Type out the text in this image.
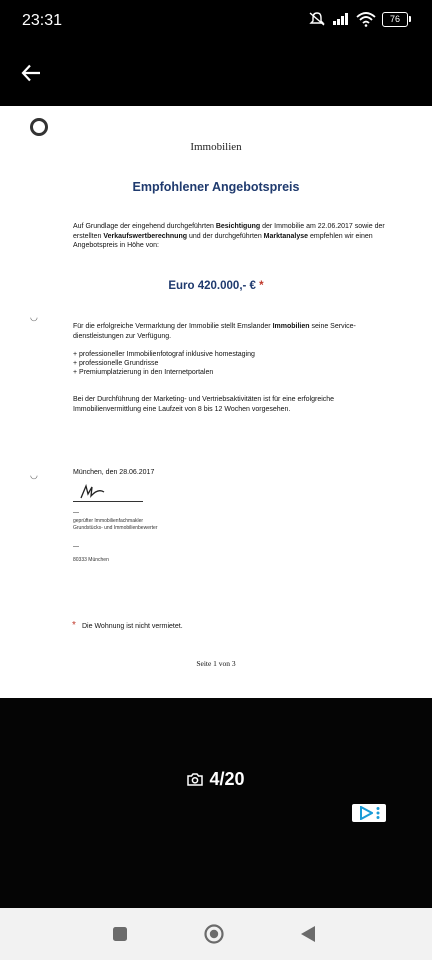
23:31	76
Immobilien
Empfohlener Angebotspreis
Auf Grundlage der eingehend durchgeführten Besichtigung der Immobilie am 22.06.2017 sowie der erstellten Verkaufswertberechnung und der durchgeführten Marktanalyse empfehlen wir einen Angebotspreis in Höhe von:
Euro 420.000,- € *
◡
Für die erfolgreiche Vermarktung der Immobilie stellt Emslander Immobilien seine Service-dienstleistungen zur Verfügung.
+ professioneller Immobilienfotograf inklusive homestaging
+ professionelle Grundrisse
+ Premiumplatzierung in den Internetportalen
Bei der Durchführung der Marketing- und Vertriebsaktivitäten ist für eine erfolgreiche Immobilienvermittlung eine Laufzeit von 8 bis 12 Wochen vorgesehen.
◡	München, den 28.06.2017
geprüfter Immobilienfachmakler
Grundstücks- und Immobilienbewerter
80333 München
* Die Wohnung ist nicht vermietet.
Seite 1 von 3
4/20
